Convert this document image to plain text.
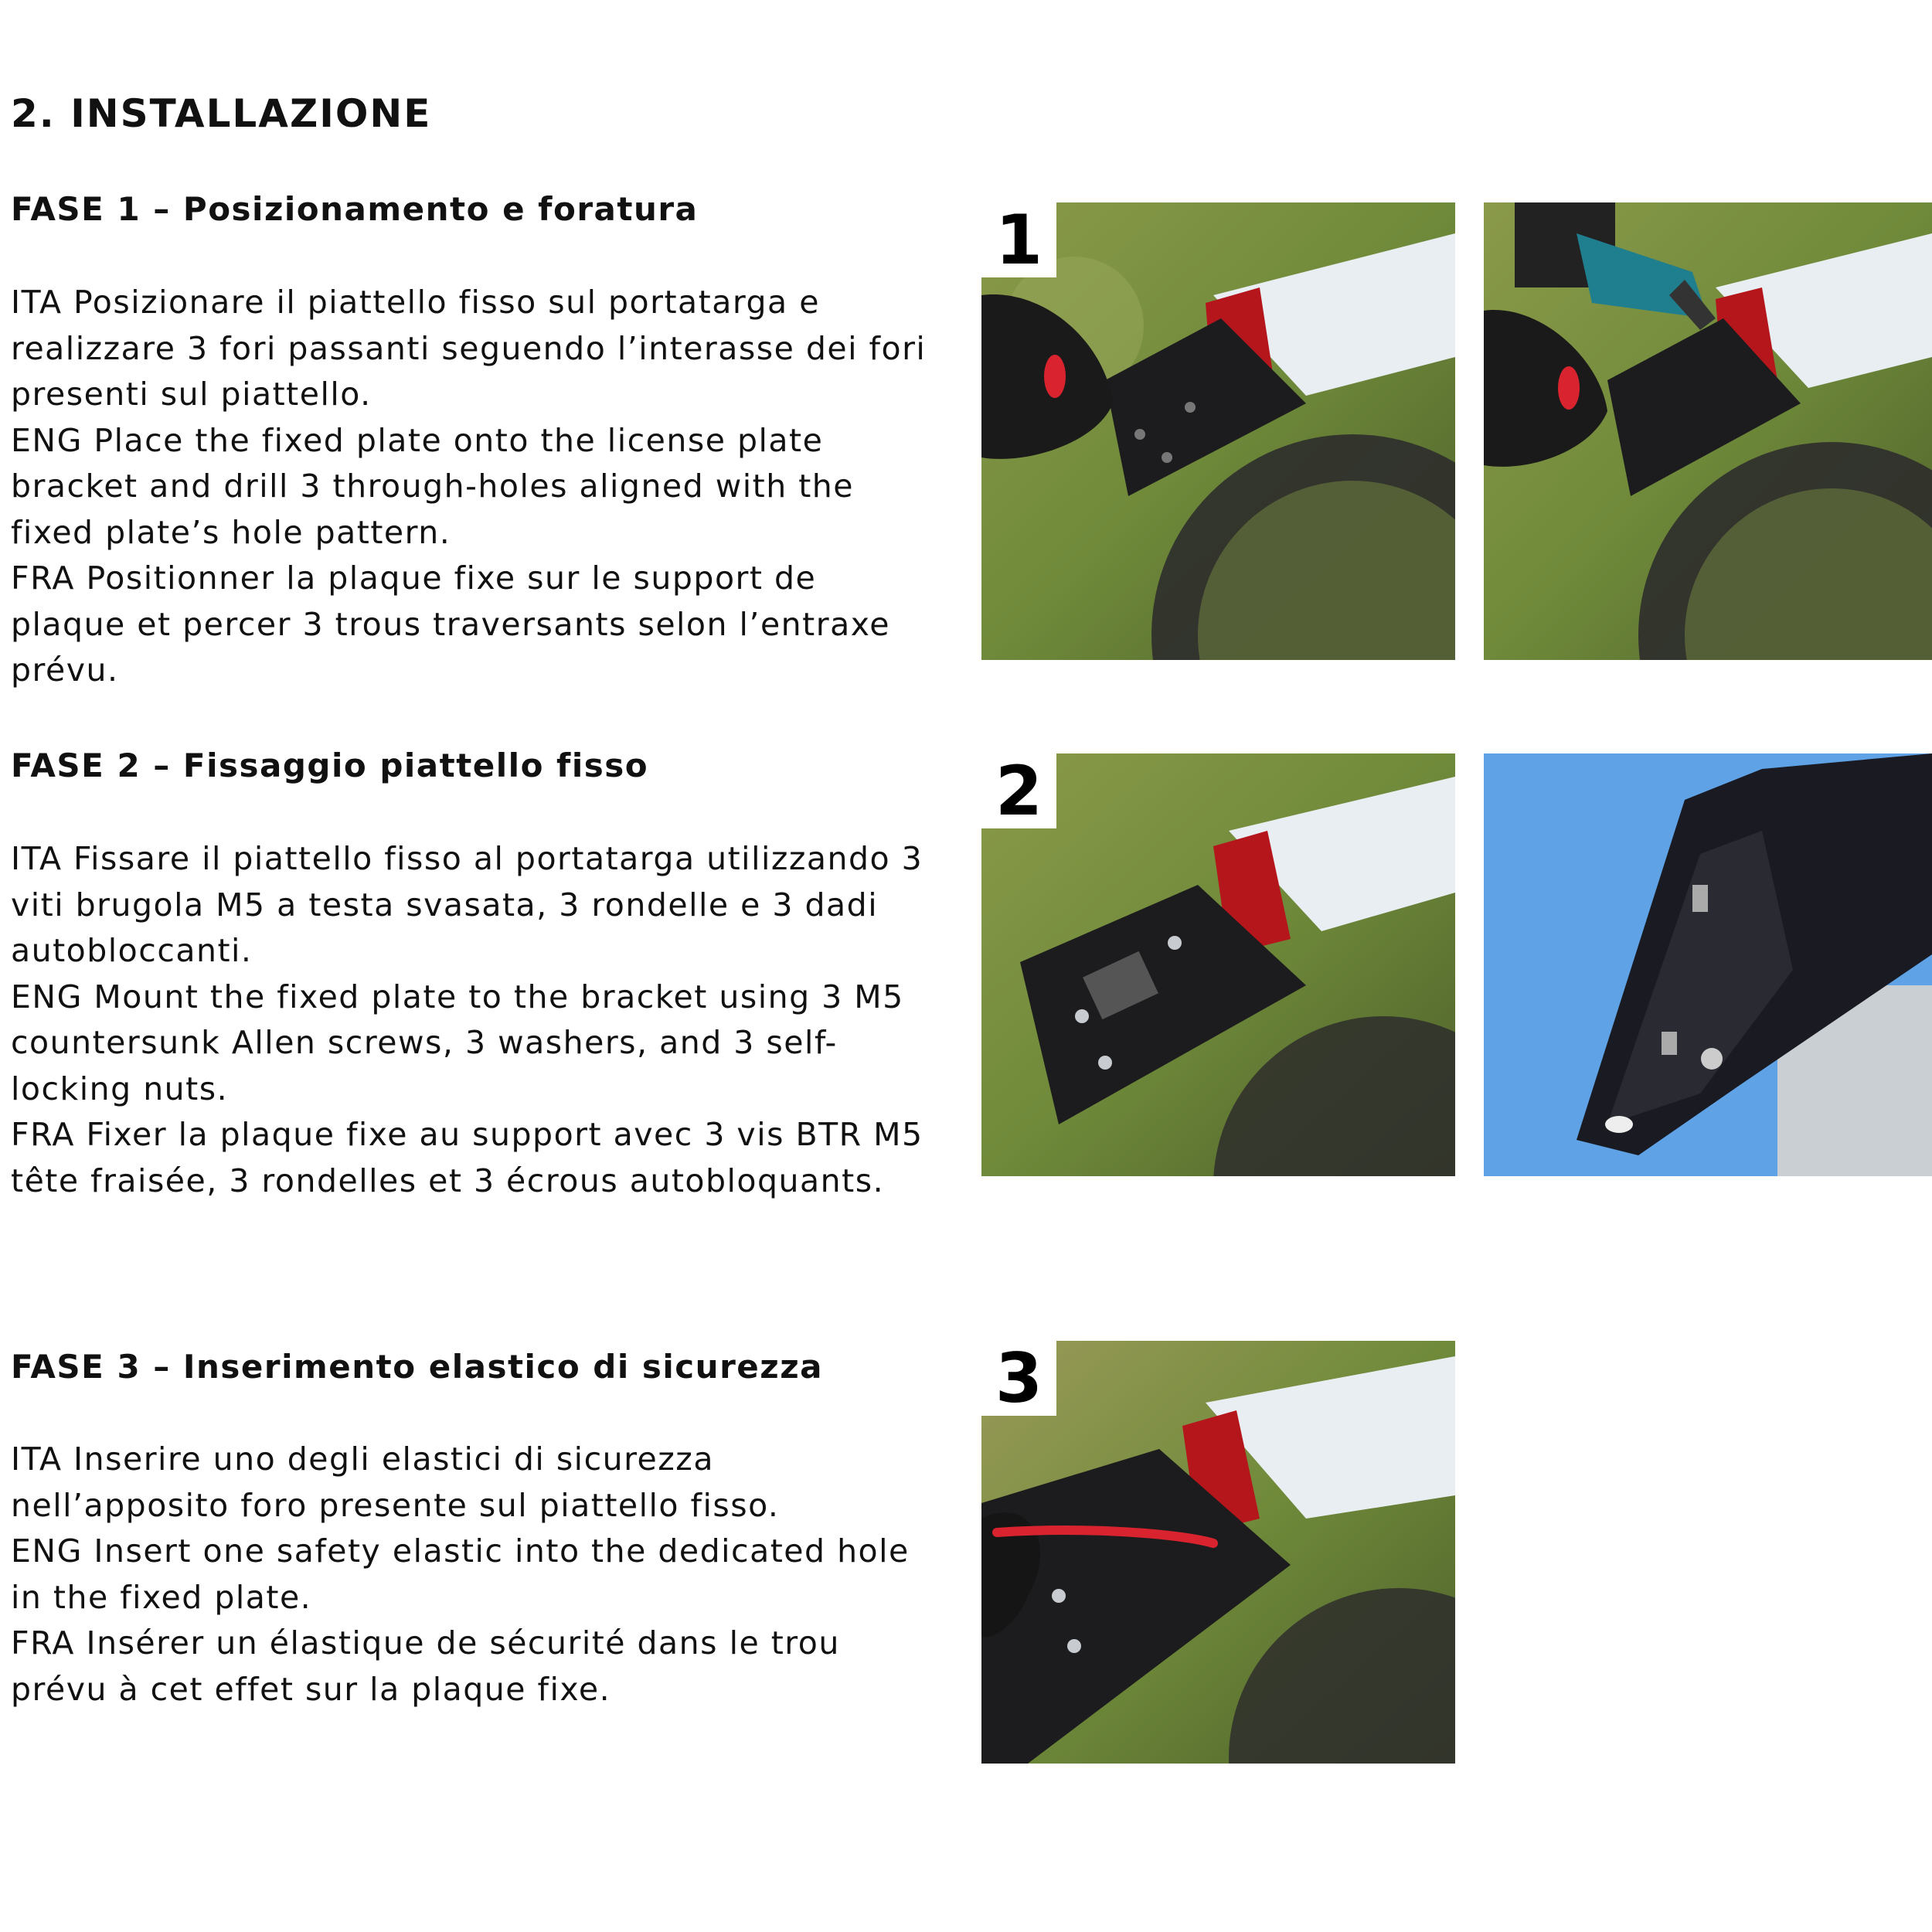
2. INSTALLAZIONE
FASE 1 – Posizionamento e foratura

ITA Posizionare il piattello fisso sul portatarga e realizzare 3 fori passanti seguendo l’interasse dei fori presenti sul piattello.

ENG Place the fixed plate onto the license plate bracket and drill 3 through-holes aligned with the fixed plate’s hole pattern.

FRA Positionner la plaque fixe sur le support de plaque et percer 3 trous traversants selon l’entraxe prévu.

1
FASE 2 – Fissaggio piattello fisso

ITA Fissare il piattello fisso al portatarga utilizzando 3 viti brugola M5 a testa svasata, 3 rondelle e 3 dadi autobloccanti.

ENG Mount the fixed plate to the bracket using 3 M5 countersunk Allen screws, 3 washers, and 3 self-locking nuts.

FRA Fixer la plaque fixe au support avec 3 vis BTR M5 tête fraisée, 3 rondelles et 3 écrous autobloquants.

2
FASE 3 – Inserimento elastico di sicurezza

ITA Inserire uno degli elastici di sicurezza nell’apposito foro presente sul piattello fisso.

ENG Insert one safety elastic into the dedicated hole in the fixed plate.

FRA Insérer un élastique de sécurité dans le trou prévu à cet effet sur la plaque fixe.

3
